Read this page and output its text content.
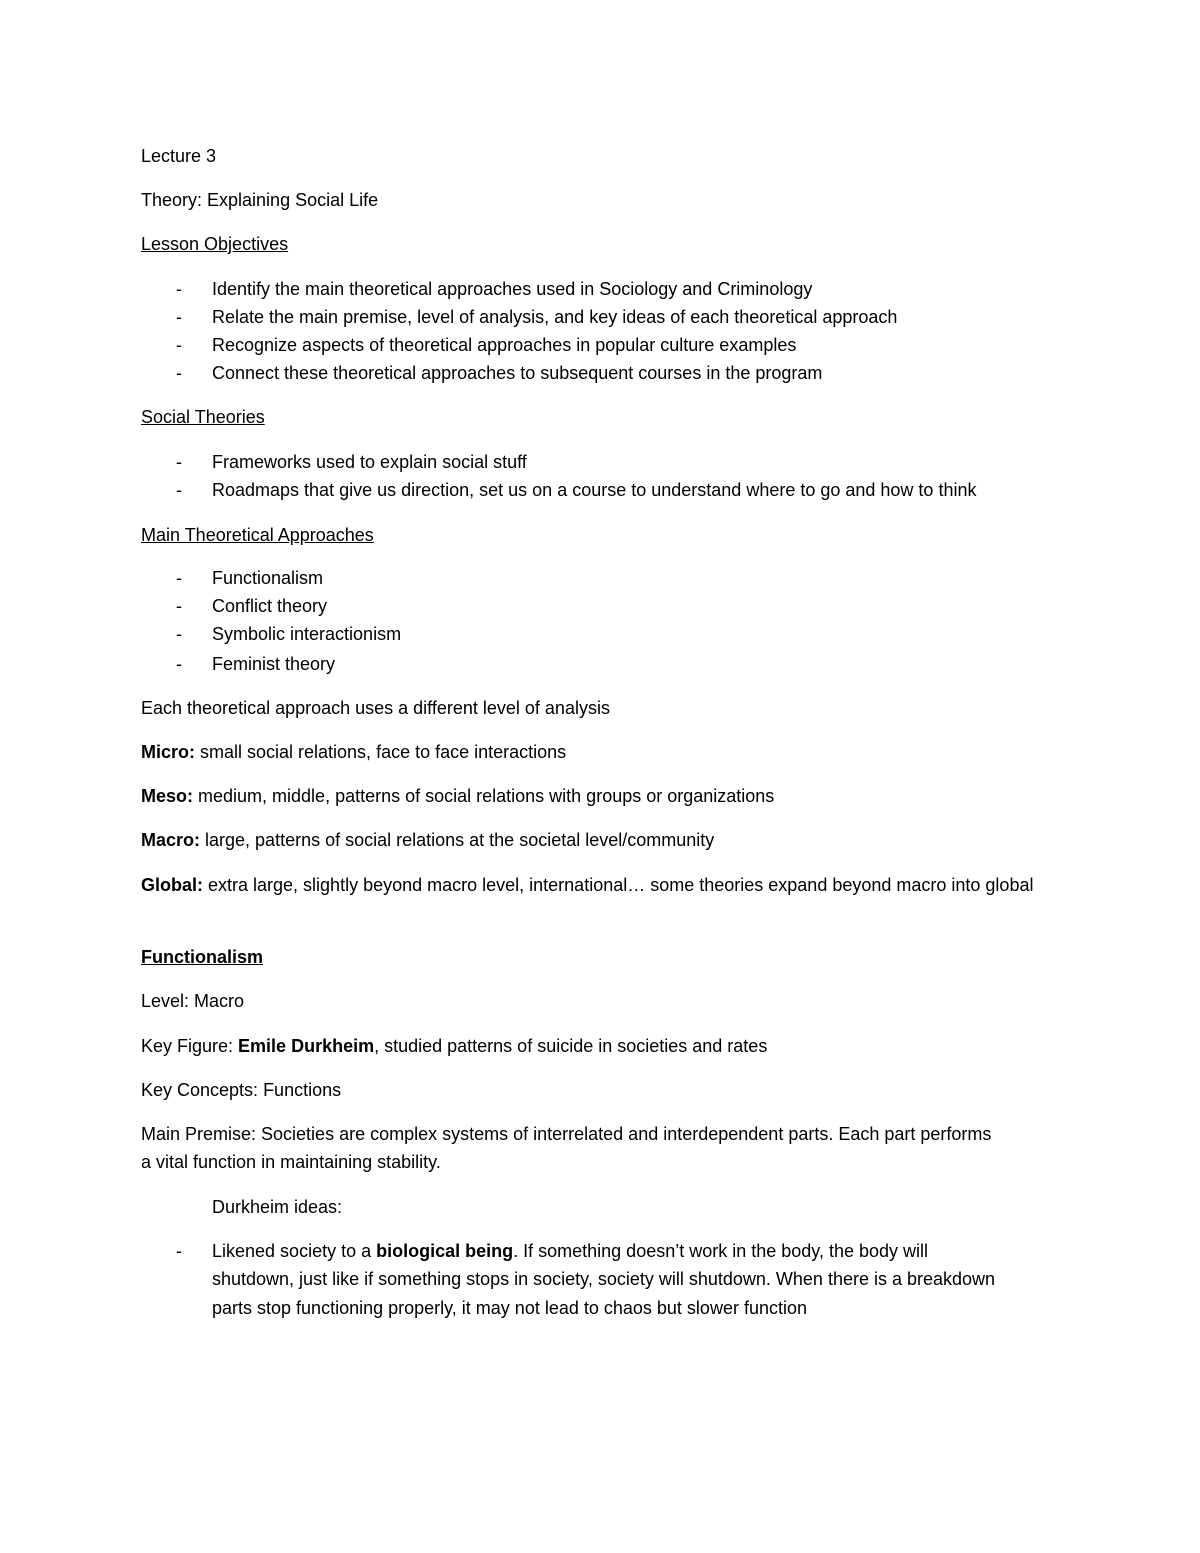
Lecture 3
Theory: Explaining Social Life
Lesson Objectives
- Identify the main theoretical approaches used in Sociology and Criminology
- Relate the main premise, level of analysis, and key ideas of each theoretical approach
- Recognize aspects of theoretical approaches in popular culture examples
- Connect these theoretical approaches to subsequent courses in the program
Social Theories
- Frameworks used to explain social stuff
- Roadmaps that give us direction, set us on a course to understand where to go and how to think
Main Theoretical Approaches
- Functionalism
- Conflict theory
- Symbolic interactionism
- Feminist theory
Each theoretical approach uses a different level of analysis
Micro: small social relations, face to face interactions
Meso: medium, middle, patterns of social relations with groups or organizations
Macro: large, patterns of social relations at the societal level/community
Global: extra large, slightly beyond macro level, international… some theories expand beyond macro into global
Functionalism
Level: Macro
Key Figure: Emile Durkheim, studied patterns of suicide in societies and rates
Key Concepts: Functions
Main Premise: Societies are complex systems of interrelated and interdependent parts. Each part performs a vital function in maintaining stability.
Durkheim ideas:
- Likened society to a biological being. If something doesn’t work in the body, the body will shutdown, just like if something stops in society, society will shutdown. When there is a breakdown parts stop functioning properly, it may not lead to chaos but slower function
